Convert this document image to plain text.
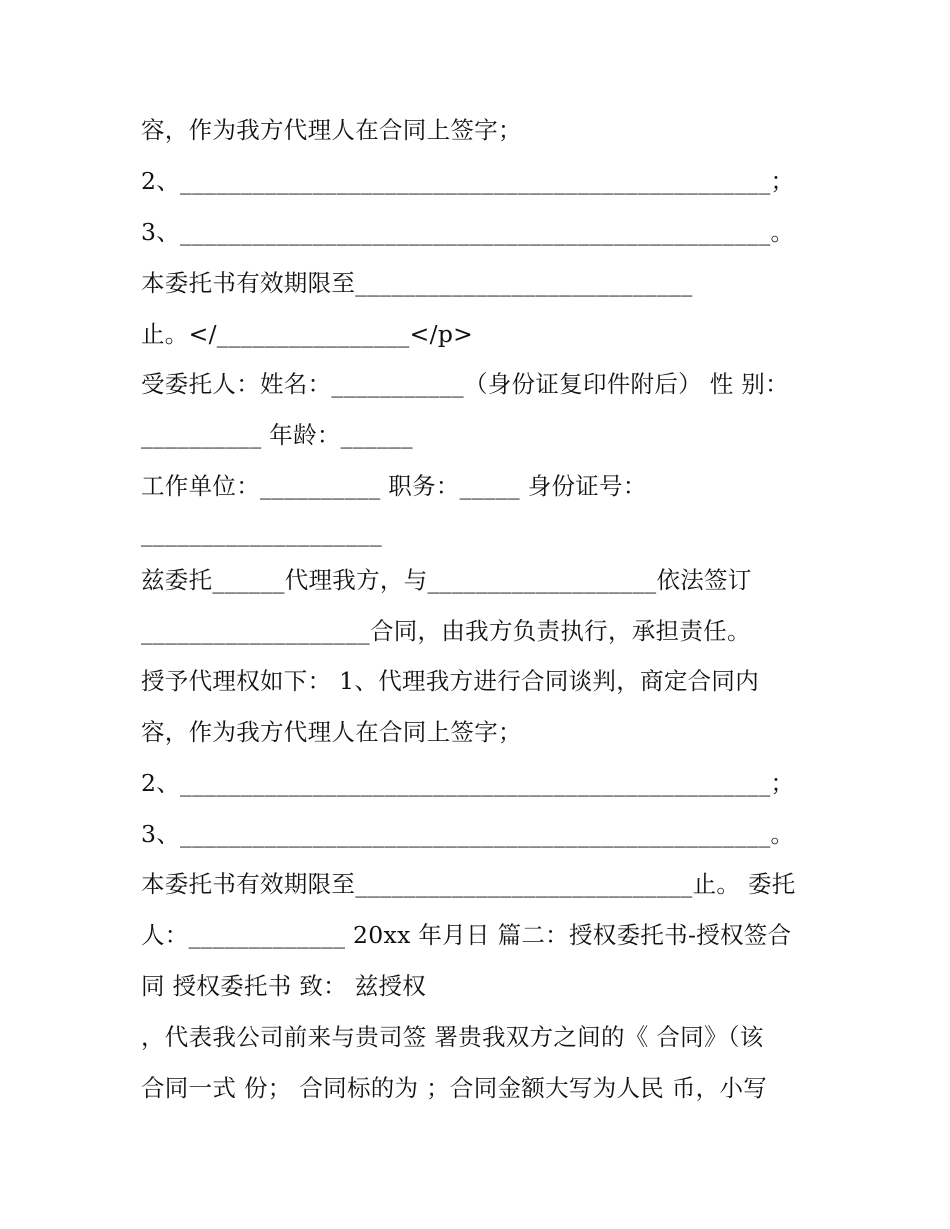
容，作为我方代理人在合同上签字；
2、_________________________________________________；
3、_________________________________________________。
本委托书有效期限至____________________________
止。</________________</p>
受委托人：姓名：___________（身份证复印件附后） 性 别：
__________ 年龄：______
工作单位：__________ 职务：_____ 身份证号：
____________________
兹委托______代理我方，与___________________依法签订
___________________合同，由我方负责执行，承担责任。
授予代理权如下： 1、代理我方进行合同谈判，商定合同内
容，作为我方代理人在合同上签字；
2、_________________________________________________；
3、_________________________________________________。
本委托书有效期限至____________________________止。 委托
人：_____________ 20xx 年月日 篇二：授权委托书-授权签合
同 授权委托书 致： 兹授权
，代表我公司前来与贵司签 署贵我双方之间的《 合同》（该
合同一式 份； 合同标的为 ；合同金额大写为人民 币，小写
